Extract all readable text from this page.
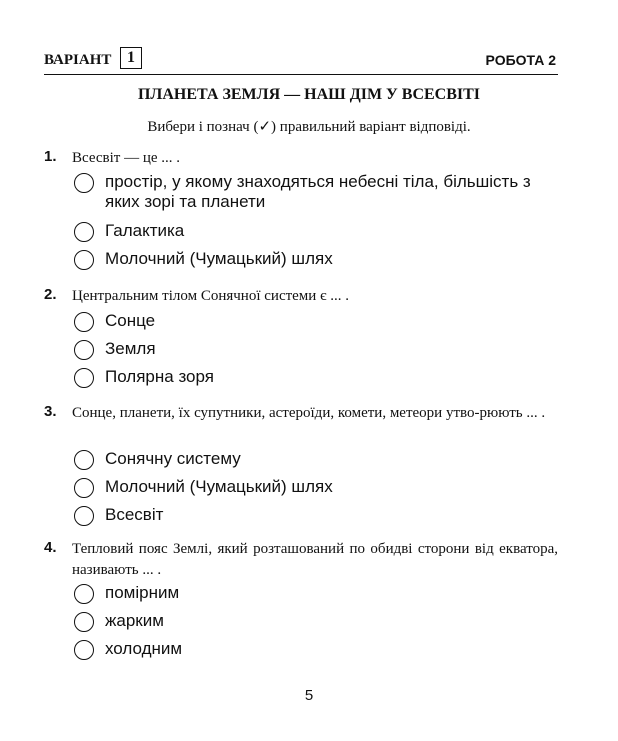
ВАРІАНТ 1	РОБОТА 2
ПЛАНЕТА ЗЕМЛЯ — НАШ ДІМ У ВСЕСВІТІ
Вибери і познач (✓) правильний варіант відповіді.
1. Всесвіт — це ... .
простір, у якому знаходяться небесні тіла, більшість з яких зорі та планети
Галактика
Молочний (Чумацький) шлях
2. Центральним тілом Сонячної системи є ... .
Сонце
Земля
Полярна зоря
3. Сонце, планети, їх супутники, астероїди, комети, метеори утво-рюють ... .
Сонячну систему
Молочний (Чумацький) шлях
Всесвіт
4. Тепловий пояс Землі, який розташований по обидві сторони від екватора, називають ... .
помірним
жарким
холодним
5
